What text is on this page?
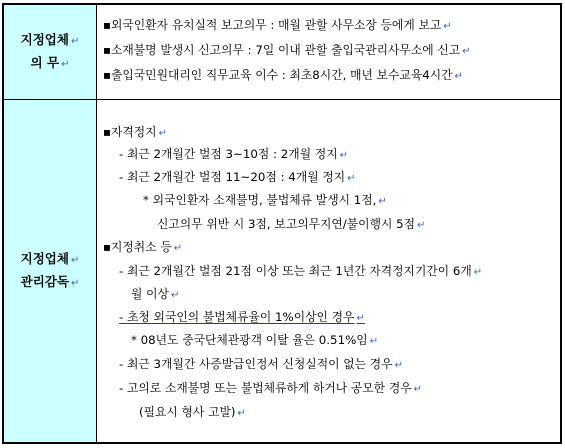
지정업체 ↵
의 무 ↵
▪외국인환자 유치실적 보고의무 : 매월 관할 사무소장 등에게 보고 ↵
▪소재불명 발생시 신고의무 : 7일 이내 관할 출입국관리사무소에 신고 ↵
▪출입국민원대리인 직무교육 이수 : 최초8시간, 매년 보수교육4시간 ↵
지정업체 ↵
관리감독 ↵
▪자격정지 ↵
- 최근 2개월간 벌점 3~10점 : 2개월 정지 ↵
- 최근 2개월간 벌점 11~20점 : 4개월 정지 ↵
* 외국인환자 소재불명, 불법체류 발생시 1점, ↵
신고의무 위반 시 3점, 보고의무지연/불이행시 5점 ↵
▪지정취소 등 ↵
- 최근 2개월간 벌점 21점 이상 또는 최근 1년간 자격정지기간이 6개 ↵
월 이상 ↵
- 초청 외국인의 불법체류율이 1%이상인 경우 ↵
* 08년도 중국단체관광객 이탈 율은 0.51%임 ↵
- 최근 3개월간 사증발급인정서 신청실적이 없는 경우 ↵
- 고의로 소재불명 또는 불법체류하게 하거나 공모한 경우 ↵
(필요시 형사 고발) ↵
